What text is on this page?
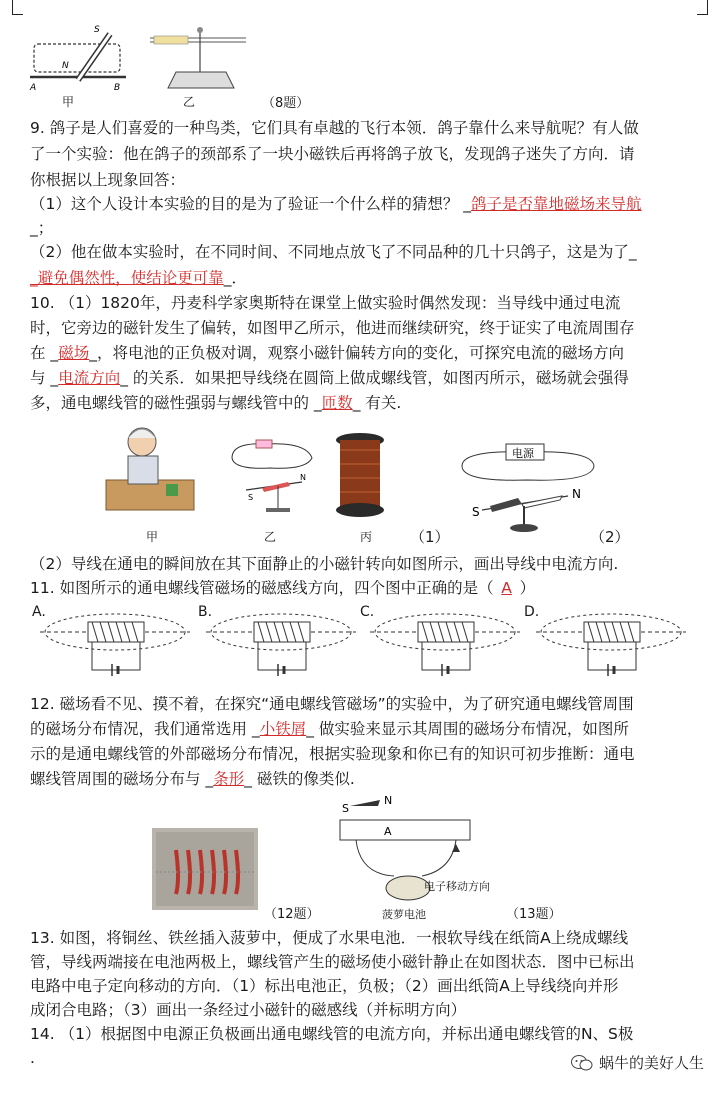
S
N
A	B
甲	乙	（8题）
9. 鸽子是人们喜爱的一种鸟类，它们具有卓越的飞行本领．鸽子靠什么来导航呢？有人做
了一个实验：他在鸽子的颈部系了一块小磁铁后再将鸽子放飞，发现鸽子迷失了方向．请
你根据以上现象回答：
（1）这个人设计本实验的目的是为了验证一个什么样的猜想？ _鸽子是否靠地磁场来导航
_；
（2）他在做本实验时，在不同时间、不同地点放飞了不同品种的几十只鸽子，这是为了_
_避免偶然性，使结论更可靠_．
10. （1）1820年，丹麦科学家奥斯特在课堂上做实验时偶然发现：当导线中通过电流
时，它旁边的磁针发生了偏转，如图甲乙所示，他进而继续研究，终于证实了电流周围存
在 _磁场_，将电池的正负极对调，观察小磁针偏转方向的变化，可探究电流的磁场方向
与 _电流方向_ 的关系．如果把导线绕在圆筒上做成螺线管，如图丙所示，磁场就会强得
多，通电螺线管的磁性强弱与螺线管中的 _匝数_ 有关.
甲
S
N
乙	丙	（1）
电源
S
N
（2）
（2）导线在通电的瞬间放在其下面静止的小磁针转向如图所示，画出导线中电流方向.
11. 如图所示的通电螺线管磁场的磁感线方向，四个图中正确的是（ A ）
A.	B.	C.	D.
12. 磁场看不见、摸不着，在探究“通电螺线管磁场”的实验中，为了研究通电螺线管周围
的磁场分布情况，我们通常选用 _小铁屑_ 做实验来显示其周围的磁场分布情况，如图所
示的是通电螺线管的外部磁场分布情况，根据实验现象和你已有的知识可初步推断：通电
螺线管周围的磁场分布与 _条形_ 磁铁的像类似.
（12题）
S
N
A
电子移动方向
菠萝电池	（13题）
13. 如图，将铜丝、铁丝插入菠萝中，便成了水果电池．一根软导线在纸筒A上绕成螺线
管，导线两端接在电池两极上，螺线管产生的磁场使小磁针静止在如图状态．图中已标出
电路中电子定向移动的方向．（1）标出电池正，负极；（2）画出纸筒A上导线绕向并形
成闭合电路；（3）画出一条经过小磁针的磁感线（并标明方向）
14. （1）根据图中电源正负极画出通电螺线管的电流方向，并标出通电螺线管的N、S极
.	蜗牛的美好人生
